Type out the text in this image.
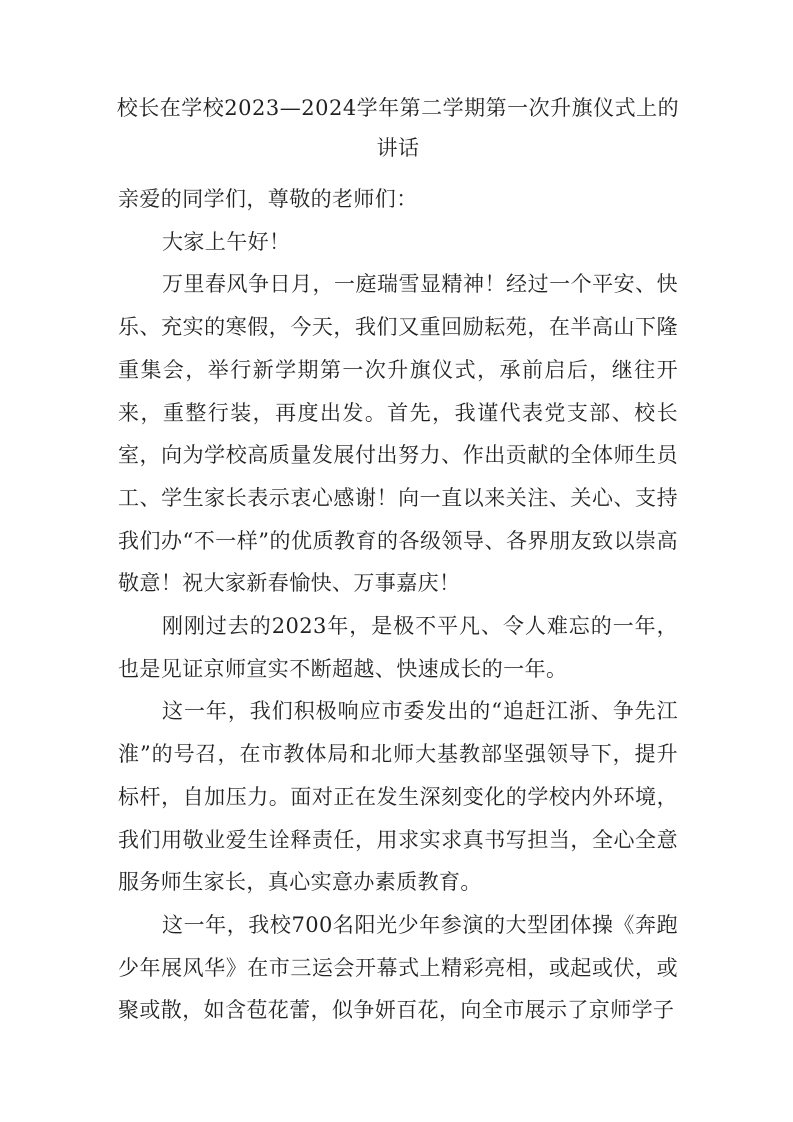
校长在学校2023—2024学年第二学期第一次升旗仪式上的讲话

亲爱的同学们，尊敬的老师们：

大家上午好！

万里春风争日月，一庭瑞雪显精神！经过一个平安、快乐、充实的寒假，今天，我们又重回励耘苑，在半高山下隆重集会，举行新学期第一次升旗仪式，承前启后，继往开来，重整行装，再度出发。首先，我谨代表党支部、校长室，向为学校高质量发展付出努力、作出贡献的全体师生员工、学生家长表示衷心感谢！向一直以来关注、关心、支持我们办“不一样”的优质教育的各级领导、各界朋友致以崇高敬意！祝大家新春愉快、万事嘉庆！

刚刚过去的2023年，是极不平凡、令人难忘的一年，也是见证京师宣实不断超越、快速成长的一年。

这一年，我们积极响应市委发出的“追赶江浙、争先江淮”的号召，在市教体局和北师大基教部坚强领导下，提升标杆，自加压力。面对正在发生深刻变化的学校内外环境，我们用敬业爱生诠释责任，用求实求真书写担当，全心全意服务师生家长，真心实意办素质教育。

这一年，我校700名阳光少年参演的大型团体操《奔跑少年展风华》在市三运会开幕式上精彩亮相，或起或伏，或聚或散，如含苞花蕾，似争妍百花，向全市展示了京师学子
